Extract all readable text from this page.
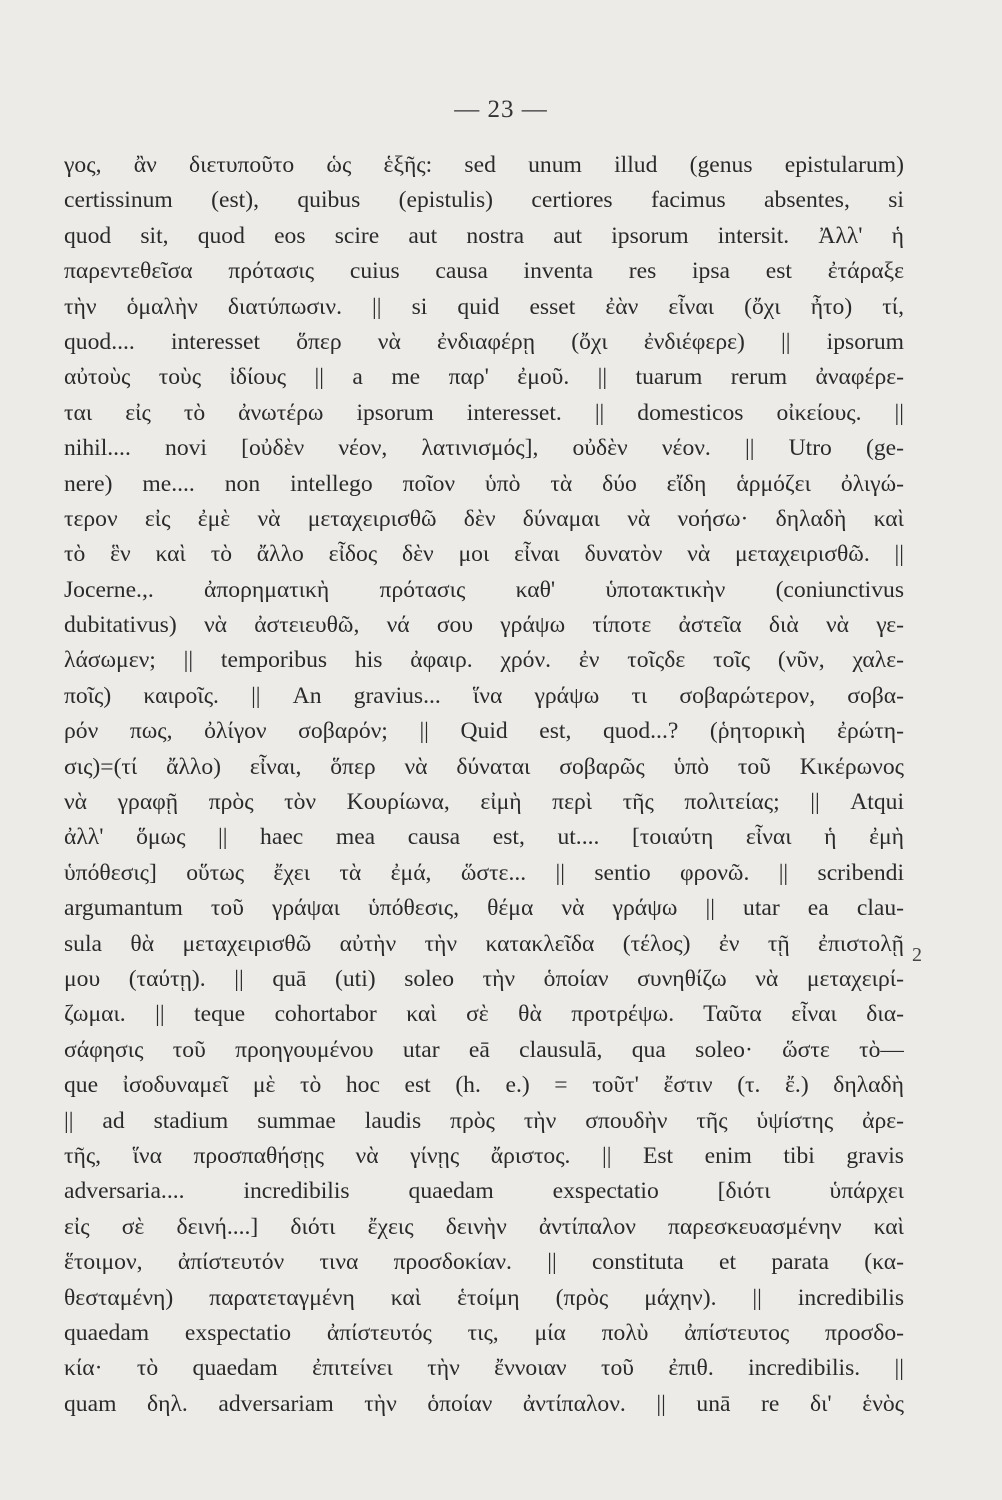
— 23 —
γος, ἂν διετυποῦτο ὡς ἑξῆς: sed unum illud (genus epistularum)
certissinum (est), quibus (epistulis) certiores facimus absentes, si
quod sit, quod eos scire aut nostra aut ipsorum intersit. Ἀλλ' ἡ
παρεντεθεῖσα πρότασις cuius causa inventa res ipsa est ἐτάραξε
τὴν ὁμαλὴν διατύπωσιν. || si quid esset ἐὰν εἶναι (ὄχι ἦτο) τί,
quod.... interesset ὅπερ νὰ ἐνδιαφέρῃ (ὄχι ἐνδιέφερε) || ipsorum
αὐτοὺς τοὺς ἰδίους || a me παρ' ἐμοῦ. || tuarum rerum ἀναφέρε-
ται εἰς τὸ ἀνωτέρω ipsorum interesset. || domesticos οἰκείους. ||
nihil.... novi [οὐδὲν νέον, λατινισμός], οὐδὲν νέον. || Utro (ge-
nere) me.... non intellego ποῖον ὑπὸ τὰ δύο εἴδη ἁρμόζει ὀλιγώ-
τερον εἰς ἐμὲ νὰ μεταχειρισθῶ δὲν δύναμαι νὰ νοήσω· δηλαδὴ καὶ
τὸ ἓν καὶ τὸ ἄλλο εἶδος δὲν μοι εἶναι δυνατὸν νὰ μεταχειρισθῶ. ||
Jocerne.,. ἀπορηματικὴ πρότασις καθ' ὑποτακτικὴν (coniunctivus
dubitativus) νὰ ἀστειευθῶ, νά σου γράψω τίποτε ἀστεῖα διὰ νὰ γε-
λάσωμεν; || temporibus his ἀφαιρ. χρόν. ἐν τοῖςδε τοῖς (νῦν, χαλε-
ποῖς) καιροῖς. || An gravius... ἵνα γράψω τι σοβαρώτερον, σοβα-
ρόν πως, ὀλίγον σοβαρόν; || Quid est, quod...? (ῥητορικὴ ἐρώτη-
σις)=(τί ἄλλο) εἶναι, ὅπερ νὰ δύναται σοβαρῶς ὑπὸ τοῦ Κικέρωνος
νὰ γραφῇ πρὸς τὸν Κουρίωνα, εἰμὴ περὶ τῆς πολιτείας; || Atqui
ἀλλ' ὅμως || haec mea causa est, ut.... [τοιαύτη εἶναι ἡ ἐμὴ
ὑπόθεσις] οὕτως ἔχει τὰ ἐμά, ὥστε... || sentio φρονῶ. || scribendi
argumantum τοῦ γράψαι ὑπόθεσις, θέμα νὰ γράψω || utar ea clau-
sula θὰ μεταχειρισθῶ αὐτὴν τὴν κατακλεῖδα (τέλος) ἐν τῇ ἐπιστολῇ
μου (ταύτῃ). || quā (uti) soleo τὴν ὁποίαν συνηθίζω νὰ μεταχειρί-
ζωμαι. || teque cohortabor καὶ σὲ θὰ προτρέψω. Ταῦτα εἶναι δια-
σάφησις τοῦ προηγουμένου utar eā clausulā, qua soleo· ὥστε τὸ—
que ἰσοδυναμεῖ μὲ τὸ hoc est (h. e.) = τοῦτ' ἔστιν (τ. ἔ.) δηλαδὴ
|| ad stadium summae laudis πρὸς τὴν σπουδὴν τῆς ὑψίστης ἀρε-
τῆς, ἵνα προσπαθήσῃς νὰ γίνῃς ἄριστος. || Est enim tibi gravis
adversaria.... incredibilis quaedam exspectatio [διότι ὑπάρχει
εἰς σὲ δεινή....] διότι ἔχεις δεινὴν ἀντίπαλον παρεσκευασμένην καὶ
ἕτοιμον, ἀπίστευτόν τινα προσδοκίαν. || constituta et parata (κα-
θεσταμένη) παρατεταγμένη καὶ ἑτοίμη (πρὸς μάχην). || incredibilis
quaedam exspectatio ἀπίστευτός τις, μία πολὺ ἀπίστευτος προσδο-
κία· τὸ quaedam ἐπιτείνει τὴν ἔννοιαν τοῦ ἐπιθ. incredibilis. ||
quam δηλ. adversariam τὴν ὁποίαν ἀντίπαλον. || unā re δι' ἑνὸς
2
